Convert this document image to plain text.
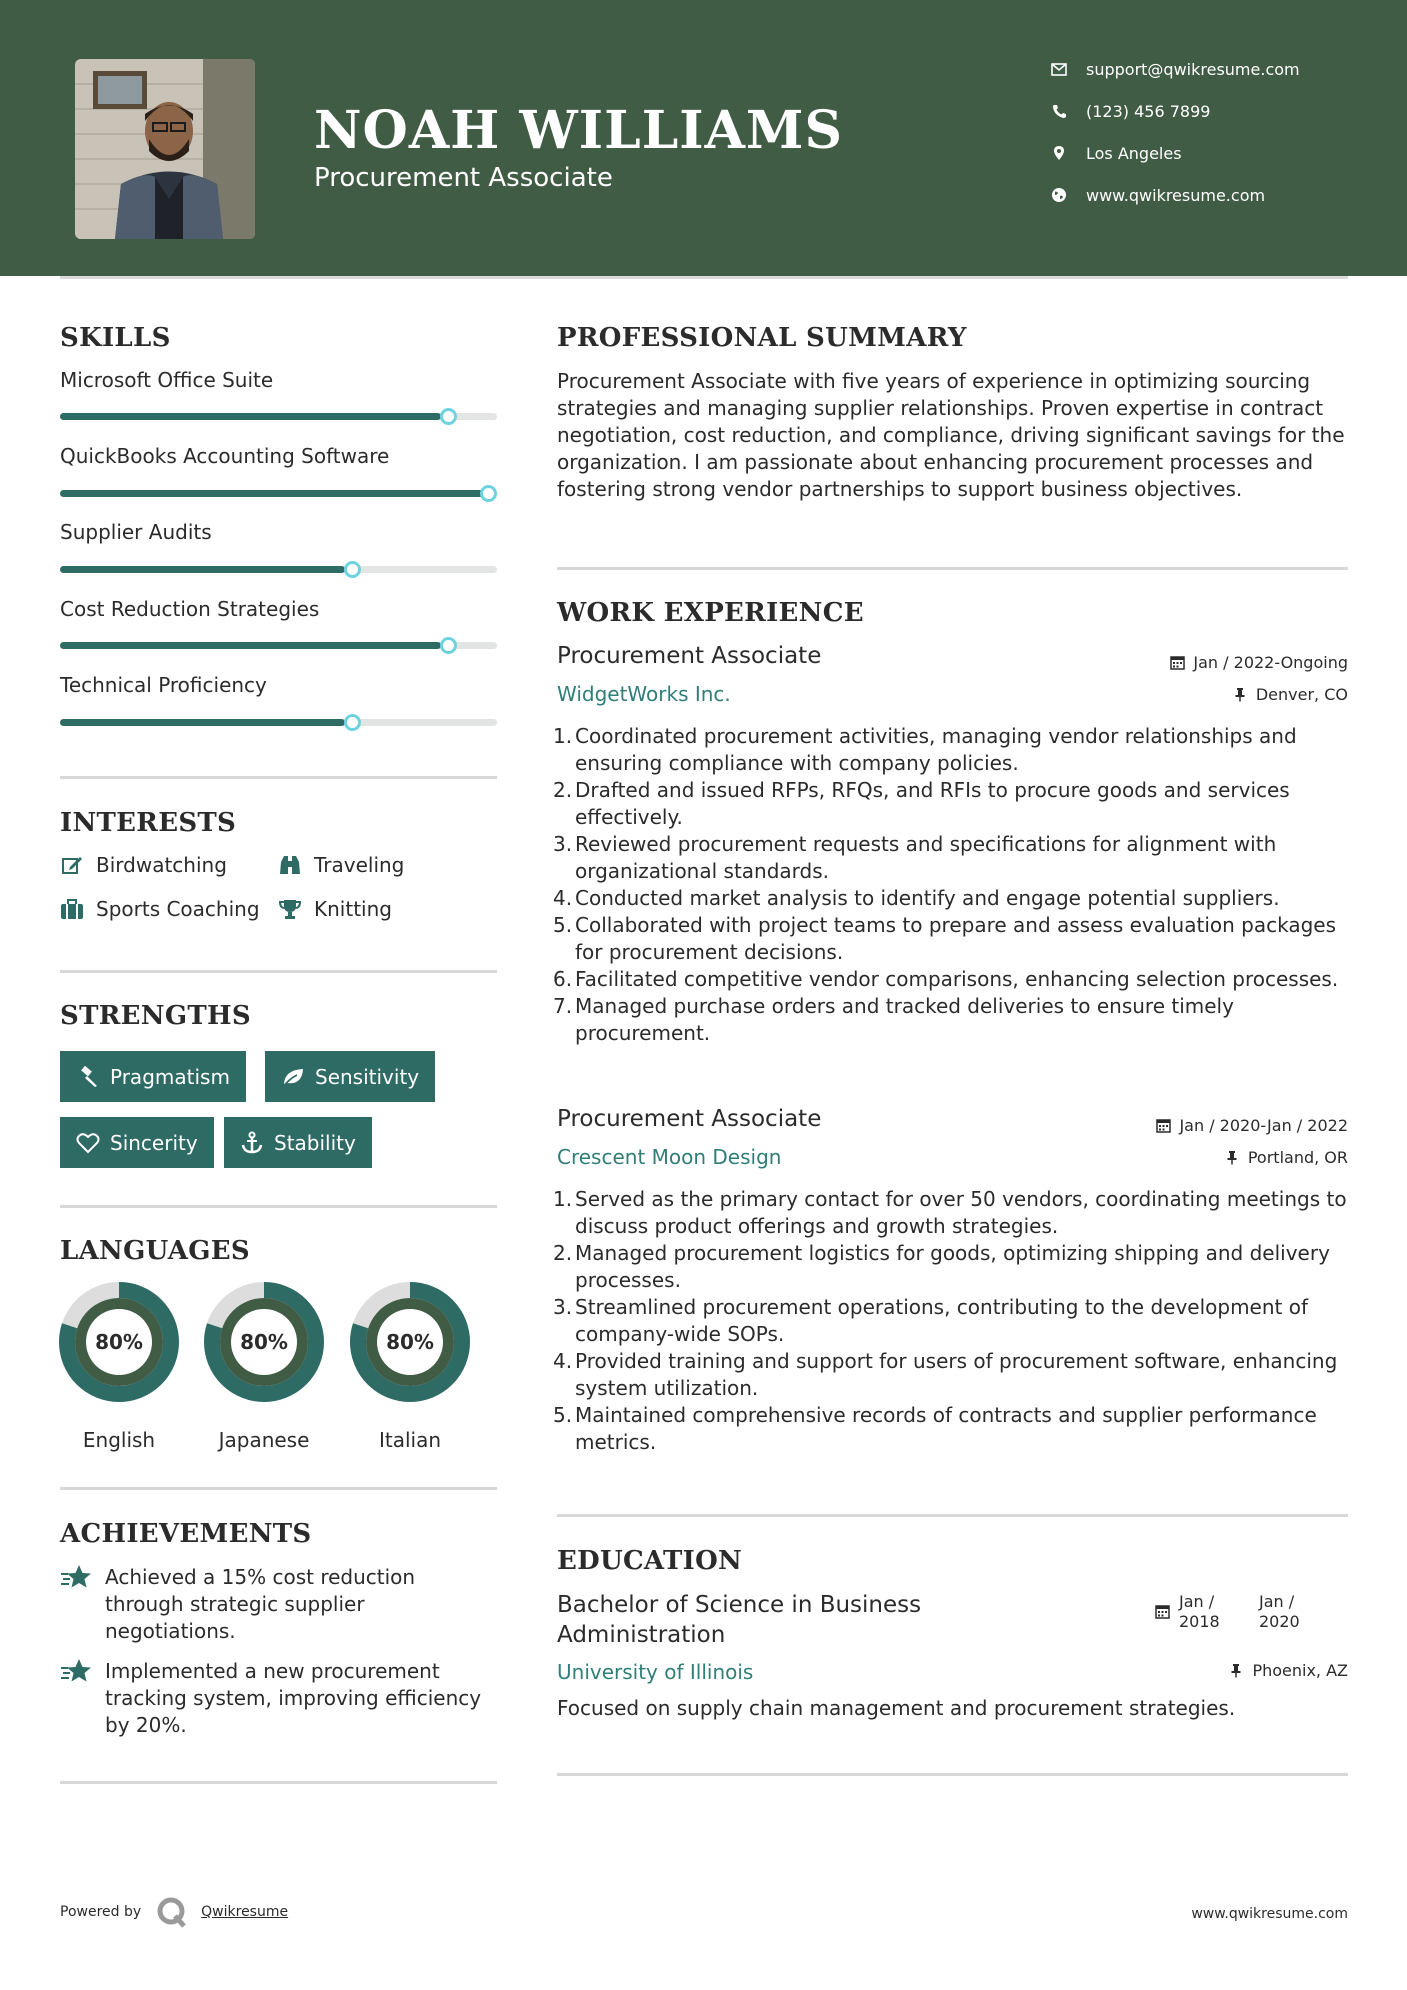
NOAH WILLIAMS
Procurement Associate
support@qwikresume.com
(123) 456 7899
Los Angeles
www.qwikresume.com
SKILLS
Microsoft Office Suite
QuickBooks Accounting Software
Supplier Audits
Cost Reduction Strategies
Technical Proficiency
INTERESTS
Birdwatching	Traveling
Sports Coaching	Knitting
STRENGTHS
Pragmatism	Sensitivity
Sincerity	Stability
LANGUAGES
80%
English
80%
Japanese
80%
Italian
ACHIEVEMENTS
Achieved a 15% cost reduction through strategic supplier negotiations.
Implemented a new procurement tracking system, improving efficiency by 20%.
PROFESSIONAL SUMMARY
Procurement Associate with five years of experience in optimizing sourcing strategies and managing supplier relationships. Proven expertise in contract negotiation, cost reduction, and compliance, driving significant savings for the organization. I am passionate about enhancing procurement processes and fostering strong vendor partnerships to support business objectives.
WORK EXPERIENCE
Procurement Associate	Jan / 2022-Ongoing
WidgetWorks Inc.	Denver, CO
1. Coordinated procurement activities, managing vendor relationships and ensuring compliance with company policies.
2. Drafted and issued RFPs, RFQs, and RFIs to procure goods and services effectively.
3. Reviewed procurement requests and specifications for alignment with organizational standards.
4. Conducted market analysis to identify and engage potential suppliers.
5. Collaborated with project teams to prepare and assess evaluation packages for procurement decisions.
6. Facilitated competitive vendor comparisons, enhancing selection processes.
7. Managed purchase orders and tracked deliveries to ensure timely procurement.
Procurement Associate	Jan / 2020-Jan / 2022
Crescent Moon Design	Portland, OR
1. Served as the primary contact for over 50 vendors, coordinating meetings to discuss product offerings and growth strategies.
2. Managed procurement logistics for goods, optimizing shipping and delivery processes.
3. Streamlined procurement operations, contributing to the development of company-wide SOPs.
4. Provided training and support for users of procurement software, enhancing system utilization.
5. Maintained comprehensive records of contracts and supplier performance metrics.
EDUCATION
Bachelor of Science in Business Administration
Jan / 2018
Jan / 2020
University of Illinois	Phoenix, AZ
Focused on supply chain management and procurement strategies.
Powered by	Qwikresume	www.qwikresume.com
